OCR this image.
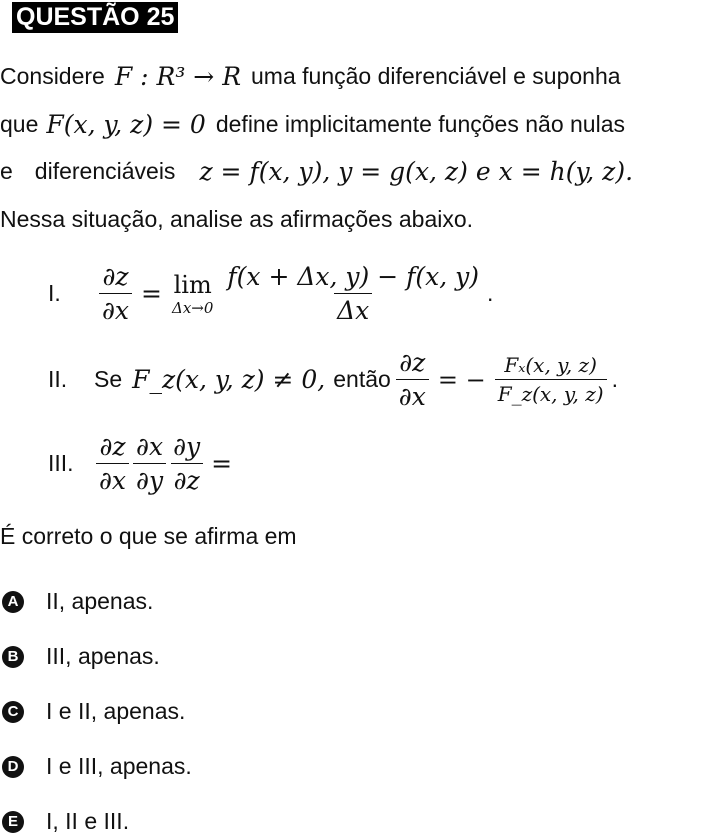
QUESTÃO 25
Considere F : R³ → R uma função diferenciável e suponha
que F(x, y, z) = 0 define implicitamente funções não nulas
e diferenciáveis z = f(x, y), y = g(x, z) e x = h(y, z).
Nessa situação, analise as afirmações abaixo.
I.	$\frac{\partial z}{\partial x} = \lim$
$\Delta x\to 0 \frac{f(x + \Delta x, y) - f(x, y)}{\Delta x}$ .
II.	Se F_z(x, y, z) ≠ 0, então $\frac{\partial z}{\partial x}$ = − $\frac{\text{Fₓ(x, y, z)}}{F\_z(x, y, z)}$ .
III. $\frac{\partial z}{\partial x} \frac{\partial x}{\partial y} \frac{\partial y}{\partial z}$ =
É correto o que se afirma em
A II, apenas.
B III, apenas.
C I e II, apenas.
D I e III, apenas.
E I, II e III.
